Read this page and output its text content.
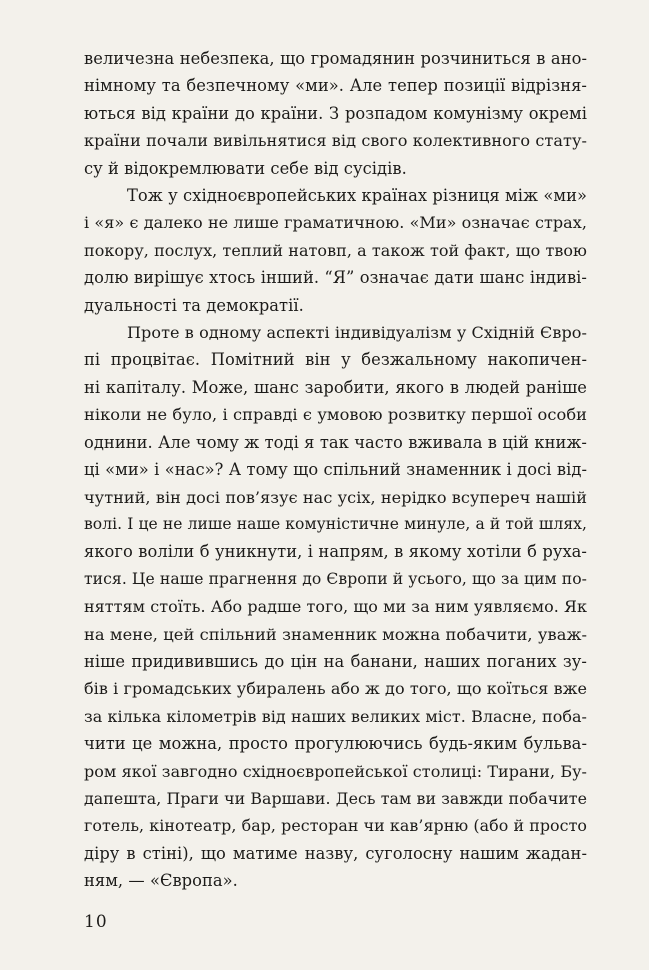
величезна небезпека, що громадянин розчиниться в ано-
німному та безпечному «ми». Але тепер позиції відрізня-
ються від країни до країни. З розпадом комунізму окремі
країни почали вивільнятися від свого колективного стату-
су й відокремлювати себе від сусідів.
Тож у східноєвропейських країнах різниця між «ми»
і «я» є далеко не лише граматичною. «Ми» означає страх,
покору, послух, теплий натовп, а також той факт, що твою
долю вирішує хтось інший. “Я” означає дати шанс індиві-
дуальності та демократії.
Проте в одному аспекті індивідуалізм у Східній Євро-
пі процвітає. Помітний він у безжальному накопичен-
ні капіталу. Може, шанс заробити, якого в людей раніше
ніколи не було, і справді є умовою розвитку першої особи
однини. Але чому ж тоді я так часто вживала в цій книж-
ці «ми» і «нас»? А тому що спільний знаменник і досі від-
чутний, він досі пов’язує нас усіх, нерідко всупереч нашій
волі. І це не лише наше комуністичне минуле, а й той шлях,
якого воліли б уникнути, і напрям, в якому хотіли б руха-
тися. Це наше прагнення до Європи й усього, що за цим по-
няттям стоїть. Або радше того, що ми за ним уявляємо. Як
на мене, цей спільний знаменник можна побачити, уваж-
ніше придивившись до цін на банани, наших поганих зу-
бів і громадських убиралень або ж до того, що коїться вже
за кілька кілометрів від наших великих міст. Власне, поба-
чити це можна, просто прогулюючись будь-яким бульва-
ром якої завгодно східноєвропейської столиці: Тирани, Бу-
дапешта, Праги чи Варшави. Десь там ви завжди побачите
готель, кінотеатр, бар, ресторан чи кав’ярню (або й просто
діру в стіні), що матиме назву, суголосну нашим жадан-
ням, — «Європа».
10
